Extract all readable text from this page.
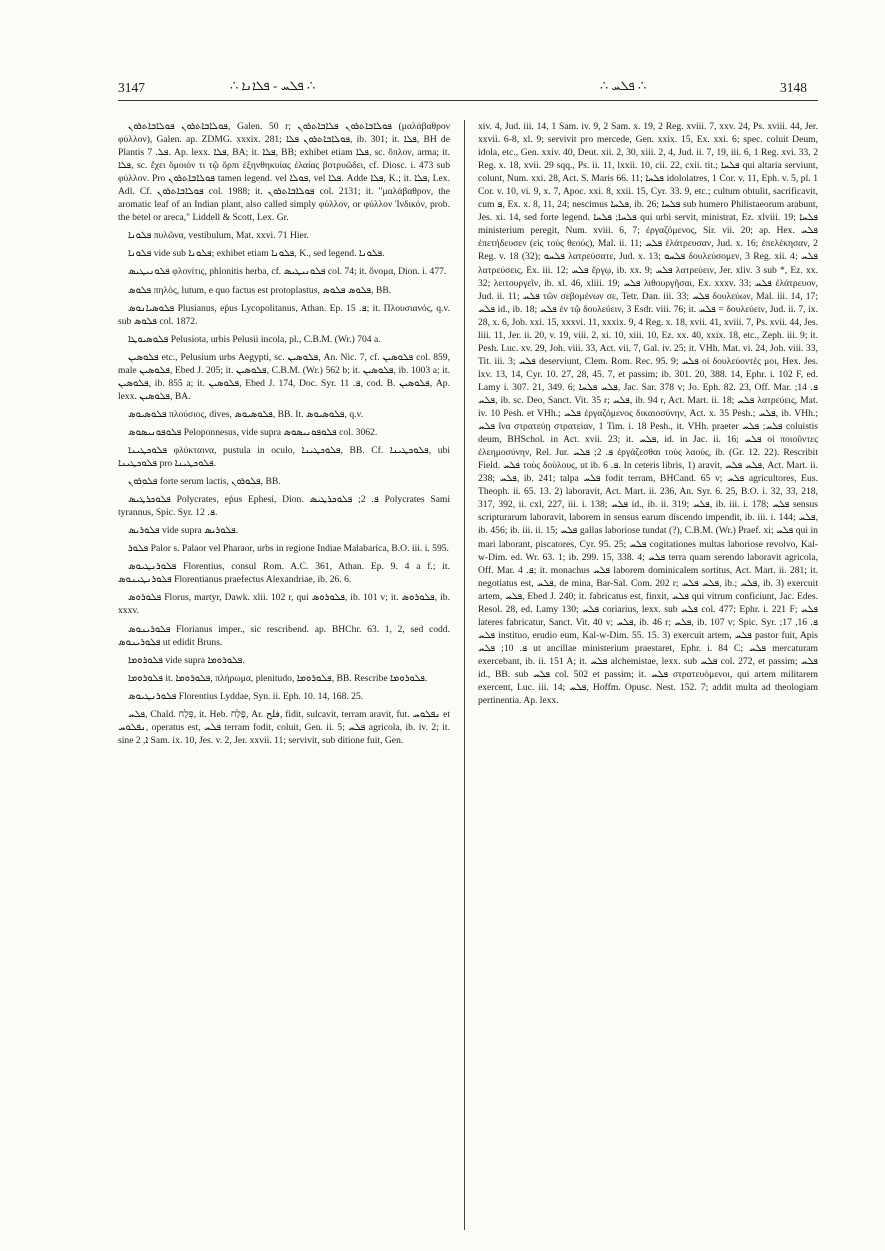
3147	∴ ܦܠܚ - ܦܠܐܢܐ ∴	∴ ܦܠܚ ∴	3148

ܦܘܠܐܒܐܬܪܘܢ ܦܘܠܐܒܐܬܪܘܢ, Galen. 50 r; ܦܘܠܐܒܐܬܪܘܢ ܦܠܐܒܐܬܪܘܢ (μαλάβαθρον φύλλον), Galen. ap. ZDMG. xxxix. 281; ܦܘܠܐܒܐܬܪܘܢ ܦܠܐ, ib. 301; it. ܦܠܐ, BH de Plantis ܦܠ. 7. Ap. lexx. ܦܠܐ, BA; it. ܦܠܐ, BB; exhibet etiam ܦܠܐ, sc. ὅπλον, arma; it. ܦܠܐ, sc. ἔχει ὅμοιόν τι τῷ ὄρπι ἐξηνθηκυίας ἐλαίας βοτρυῶδει, cf. Diosc. i. 473 sub φύλλον. Pro ܦܘܠܐܒܐܬܪܘܢ tamen legend. vel ܦܘܠܐ, vel ܦܠܐ. Adde ܦܠܐ, K.; it. ܦܠܐ, Lex. Adl. Cf. ܦܘܠܐܒܐܬܪܘܢ col. 1988; it. ܦܘܠܐܒܐܬܪܘܢ col. 2131; it. "μαλάβαθρον, the aromatic leaf of an Indian plant, also called simply φύλλον, or φύλλον Ἰνδικόν, prob. the betel or areca," Liddell & Scott, Lex. Gr.

ܦܠܘܢܐ πυλῶνα, vestibulum, Mat. xxvi. 71 Hier.

ܦܠܘܢܐ vide sub ܦܠܘܢܐ; exhibet etiam ܦܠܘܢܐ, K., sed legend. ܦܠܘܢܐ.

ܦܠܘܢܝܛܝܣ φλονίτις, phlonitis herba, cf. ܦܠܘܢܝܛܝܣ col. 74; it. ὄνομα, Dion. i. 477.

ܦܠܘܣ πηλός, lutum, e quo factus est protoplastus, ܦܠܘܣ ܦܠܘܣ, BB.

ܦܠܘܣܝܐܢܘܣ Plusianus, eṕus Lycopolitanus, Athan. Ep. ܦ. 15; it. Πλουσιανός, q.v. sub ܦܠܘܣ col. 1872.

ܦܠܘܣܝܘܛܐ Pelusiota, urbis Pelusii incola, pl., C.B.M. (Wr.) 704 a.

ܦܠܘܣܝܢ etc., Pelusium urbs Aegypti, sc. ܦܠܘܣܝܢ, An. Nic. 7, cf. ܦܠܘܣܝܢ col. 859, male ܦܠܘܣܝܢ, Ebed J. 205; it. ܦܠܘܣܝܢ, C.B.M. (Wr.) 562 b; it. ܦܠܘܣܝܢ, ib. 1003 a; it. ܦܠܘܣܝܢ, ib. 855 a; it. ܦܠܘܣܝܢ, Ebed J. 174, Doc. Syr. ܦ. 11, cod. B. ܦܠܘܣܝܢ, Ap. lexx. ܦܠܘܣܝܢ, BA.

ܦܠܘܣܝܘܣ πλούσιος, dives, ܦܠܘܣܝܘܣ, BB. It. ܦܠܘܣܝܘܣ, q.v.

ܦܠܘܦܘܢܝܣܘܣ Peloponnesus, vide supra ܦܠܘܦܘܢܝܣܘܣ col. 3062.

ܦܠܘܟܛܝܢܐ φλύκταινα, pustula in oculo, ܦܠܘܟܛܝܢܐ, BB. Cf. ܦܠܘܟܛܝܢܐ, ubi ܦܠܘܟܛܝܢܐ pro ܦܠܘܟܛܝܢܐ.

ܦܠܘܪܘܢ forte serum lactis, ܦܠܘܪܘܢ, BB.

ܦܠܘܟܪܛܝܣ Polycrates, eṕus Ephesi, Dion. ܦ. 2; ܦܠܘܟܪܛܝܣ Polycrates Sami tyrannus, Spic. Syr. ܦ. 12.

ܦܠܘܪܝܣ vide supra ܦܠܘܪܝܣ.

ܦܠܘܪ Palor s. Palaor vel Pharaor, urbs in regione Indiae Malabarica, B.O. iii. i. 595.

ܦܠܘܪܢܛܝܘܣ Florentius, consul Rom. A.C. 361, Athan. Ep. 9. 4 a f.; it. ܦܠܘܪܢܛܝܢܘܣ Florentianus praefectus Alexandriae, ib. 26. 6.

ܦܠܘܪܘܣ Florus, martyr, Dawk. xlii. 102 r, qui ܦܠܘܪܘܣ, ib. 101 v; it. ܦܠܘܪܘܣ, ib. xxxv.

ܦܠܘܪܝܢܘܣ Florianus imper., sic rescribend. ap. BHChr. 63. 1, 2, sed codd. ܦܠܘܪܝܢܘܣ ut edidit Bruns.

ܦܠܘܪܘܡܐ vide supra ܦܠܘܪܘܡܐ.

ܦܠܘܪܘܡܐ it. ܦܠܘܪܘܡܐ, πλήρωμα, plenitudo, ܦܠܘܪܘܡܐ, BB. Rescribe ܦܠܘܪܘܡܐ.

ܦܠܘܪܢܛܝܘܣ Florentius Lyddae, Syn. ii. Eph. 10. 14, 168. 25.

ܦܠܚ, Chald. פְּלַח, it. Heb. פָּלַח, Ar. فلح, fidit, sulcavit, terram aravit, fut. ܢܦܠܘܚ et ܢܦܠܘܚ, operatus est, ܦܠܚ terram fodit, coluit, Gen. ii. 5; ܦܠܚ agricola, ib. iv. 2; it. sine ܐ, 2 Sam. ix. 10, Jes. v. 2, Jer. xxvii. 11; servivit, sub ditione fuit, Gen.

xiv. 4, Jud. iii. 14, 1 Sam. iv. 9, 2 Sam. x. 19, 2 Reg. xviii. 7, xxv. 24, Ps. xviii. 44, Jer. xxvii. 6-8, xl. 9; servivit pro mercede, Gen. xxix. 15, Ex. xxi. 6; spec. coluit Deum, idola, etc., Gen. xxiv. 40, Deut. xii. 2, 30, xiii. 2, 4, Jud. ii. 7, 19, iii. 6, 1 Reg. xvi. 33, 2 Reg. x. 18, xvii. 29 sqq., Ps. ii. 11, lxxii. 10, cii. 22, cxii. tit.; ܦܠܚܐ qui altaria serviunt, colunt, Num. xxi. 28, Act. S. Maris 66. 11; ܦܠܚܐ idololatres, 1 Cor. v. 11, Eph. v. 5, pl. 1 Cor. v. 10, vi. 9, x. 7, Apoc. xxi. 8, xxii. 15, Cyr. 33. 9, etc.; cultum obtulit, sacrificavit, cum ܦ, Ex. x. 8, 11, 24; nescimus ܦܠܚܐ, ib. 26; ܦܠܚܐ sub humero Philistaeorum arabunt, Jes. xi. 14, sed forte legend. ܦܠܚܐ; ܦܠܚܐ qui urbi servit, ministrat, Ez. xlviii. 19; ܦܠܚܐ ministerium peregit, Num. xviii. 6, 7; ἐργαζόμενος, Sir. vii. 20; ap. Hex. ܦܠܚ ἐπετήδευσεν (εἰς τοὺς θεούς), Mal. ii. 11; ܦܠܚ ἐλάτρευσαν, Jud. x. 16; ἐπελέκησαν, 2 Reg. v. 18 (32); ܦܠܚܘ λατρεύσατε, Jud. x. 13; ܦܠܚܘ δουλεύσομεν, 3 Reg. xii. 4; ܦܠܚ λατρεύσεις, Ex. iii. 12; ܦܠܚ ἔργῳ, ib. xx. 9; ܦܠܚ λατρεύειν, Jer. xliv. 3 sub *, Ez. xx. 32; λειτουργεῖν, ib. xl. 46, xliii. 19; ܦܠܚ λιθουργῆσαι, Ex. xxxv. 33; ܦܠܚ ἐλάτρευον, Jud. ii. 11; ܦܠܚ τῶν σεβομένων σε, Tetr. Dan. iii. 33; ܦܠܚ δουλεύων, Mal. iii. 14, 17; ܦܠܚ id., ib. 18; ܦܠܚ ἐν τῷ δουλεύειν, 3 Esdr. viii. 76; it. ܦܠܚ = δουλεύειν, Jud. ii. 7, ix. 28, x. 6, Job. xxi. 15, xxxvi. 11, xxxix. 9, 4 Reg. x. 18, xvii. 41, xviii. 7, Ps. xvii. 44, Jes. liii. 11, Jer. ii. 20, v. 19, viii. 2, xi. 10, xiii. 10, Ez. xx. 40, xxix. 18, etc., Zeph. iii. 9; it. Pesh. Luc. xv. 29, Joh. viii. 33, Act. vii. 7, Gal. iv. 25; it. VHh. Mat. vi. 24, Joh. viii. 33, Tit. iii. 3; ܦܠܚ deserviunt, Clem. Rom. Rec. 95. 9; ܦܠܚ οἱ δουλεύοντές μοι, Hex. Jes. lxv. 13, 14, Cyr. 10. 27, 28, 45. 7, et passim; ib. 301. 20, 388. 14, Ephr. i. 102 F, ed. Lamy i. 307. 21, 349. 6; ܦܠܚ ܦܠܚܐ, Jac. Sar. 378 v; Jo. Eph. 82. 23, Off. Mar. ܦ. 14; ܦܠܚ, ib. sc. Deo, Sanct. Vit. 35 r; ܦܠܚ, ib. 94 r, Act. Mart. ii. 18; ܦܠܚ λατρεύεις, Mat. iv. 10 Pesh. et VHh.; ܦܠܚ ἐργαζόμενος δικαιοσύνην, Act. x. 35 Pesh.; ܦܠܚ, ib. VHh.; ܦܠܚ ἵνα στρατεύῃ στρατείαν, 1 Tim. i. 18 Pesh., it. VHh. praeter ܦܠܚ; ܦܠܚ coluistis deum, BHSchol. in Act. xvii. 23; it. ܦܠܚ, id. in Jac. ii. 16; ܦܠܚ οἱ ποιοῦντες ἐλεημοσύνην, Rel. Jur. ܦ. 2; ܦܠܚ ἐργάζεσθαι τοὺς λαούς, ib. (Gr. 12. 22). Rescribit Field. ܦܠܚ τοὺς δούλους, ut ib. ܦ. 6. In ceteris libris, 1) aravit, ܦܠܚ ܦܠܚ, Act. Mart. ii. 238; ܦܠܚ, ib. 241; talpa ܦܠܚ fodit terram, BHCand. 65 v; ܦܠܚ agricultores, Eus. Theoph. ii. 65. 13. 2) laboravit, Act. Mart. ii. 236, An. Syr. 6. 25, B.O. i. 32, 33, 218, 317, 392, ii. cxl, 227, iii. i. 138; ܦܠܚ id., ib. ii. 319; ܦܠܚ, ib. iii. i. 178; ܦܠܚ sensus scripturarum laboravit, laborem in sensus earum discendo impendit, ib. iii. i. 144; ܦܠܚ, ib. 456; ib. iii. ii. 15; ܦܠܚ gallas laboriose tundat (?), C.B.M. (Wr.) Praef. xi; ܦܠܚ qui in mari laborant, piscatores, Cyr. 95. 25; ܦܠܚ cogitationes multas laboriose revolvo, Kal-w-Dim. ed. Wr. 63. 1; ib. 299. 15, 338. 4; ܦܠܚ terra quam serendo laboravit agricola, Off. Mar. ܦ. 4; it. monachus ܦܠܚ laborem dominicalem sortitus, Act. Mart. ii. 281; it. negotiatus est, ܦܠܚ, de mina, Bar-Sal. Com. 202 r; ܦܠܚ ܦܠܚ, ib.; ܦܠܚ, ib. 3) exercuit artem, ܦܠܚ, Ebed J. 240; it. fabricatus est, finxit, ܦܠܚ qui vitrum conficiunt, Jac. Edes. Resol. 28, ed. Lamy 130; ܦܠܚ coriarius, lexx. sub ܦܠܚ col. 477; Ephr. i. 221 F; ܦܠܚ lateres fabricatur, Sanct. Vit. 40 v; ܦܠܚ, ib. 46 r; ܦܠܚ, ib. 107 v; Spic. Syr. ܦ. 16, 17; ܦܠܚ instituo, erudio eum, Kal-w-Dim. 55. 15. 3) exercuit artem, ܦܠܚ pastor fuit, Apis ܦ. 10; ܦܠܚ ut ancillae ministerium praestaret, Ephr. i. 84 C; ܦܠܚ mercaturam exercebant, ib. ii. 151 A; it. ܦܠܚ alchemistae, lexx. sub ܦܠܚ col. 272, et passim; ܦܠܚ id., BB. sub ܦܠܚ col. 502 et passim; it. ܦܠܚ στρατευόμενοι, qui artem militarem exercent, Luc. iii. 14; ܦܠܚ, Hoffm. Opusc. Nest. 152. 7; addit multa ad theologiam pertinentia. Ap. lexx.
